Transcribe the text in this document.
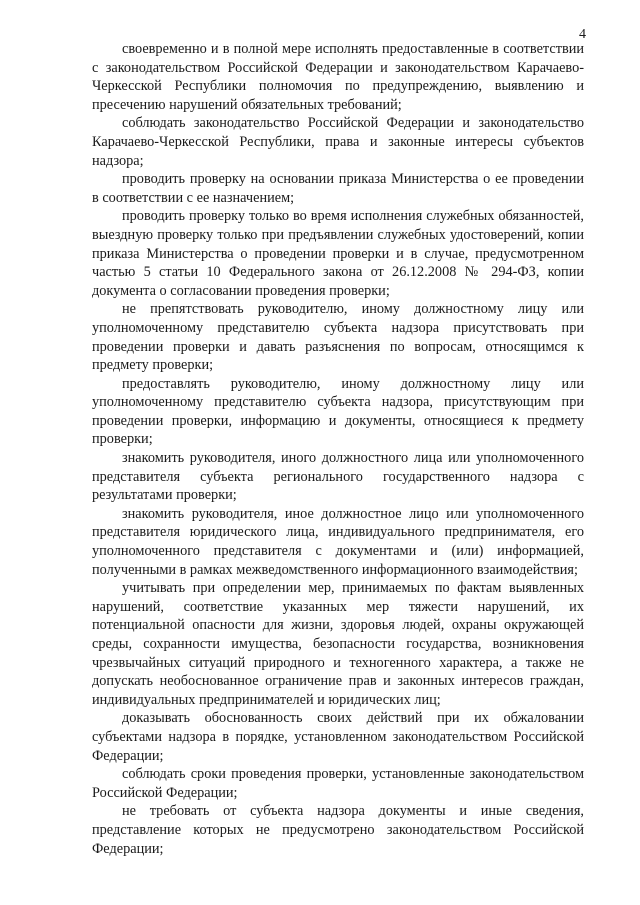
4

своевременно и в полной мере исполнять предоставленные в соответствии с законодательством Российской Федерации и законодательством Карачаево-Черкесской Республики полномочия по предупреждению, выявлению и пресечению нарушений обязательных требований;

соблюдать законодательство Российской Федерации и законодательство Карачаево-Черкесской Республики, права и законные интересы субъектов надзора;

проводить проверку на основании приказа Министерства о ее проведении в соответствии с ее назначением;

проводить проверку только во время исполнения служебных обязанностей, выездную проверку только при предъявлении служебных удостоверений, копии приказа Министерства о проведении проверки и в случае, предусмотренном частью 5 статьи 10 Федерального закона от 26.12.2008 № 294-ФЗ, копии документа о согласовании проведения проверки;

не препятствовать руководителю, иному должностному лицу или уполномоченному представителю субъекта надзора присутствовать при проведении проверки и давать разъяснения по вопросам, относящимся к предмету проверки;

предоставлять руководителю, иному должностному лицу или уполномоченному представителю субъекта надзора, присутствующим при проведении проверки, информацию и документы, относящиеся к предмету проверки;

знакомить руководителя, иного должностного лица или уполномоченного представителя субъекта регионального государственного надзора с результатами проверки;

знакомить руководителя, иное должностное лицо или уполномоченного представителя юридического лица, индивидуального предпринимателя, его уполномоченного представителя с документами и (или) информацией, полученными в рамках межведомственного информационного взаимодействия;

учитывать при определении мер, принимаемых по фактам выявленных нарушений, соответствие указанных мер тяжести нарушений, их потенциальной опасности для жизни, здоровья людей, охраны окружающей среды, сохранности имущества, безопасности государства, возникновения чрезвычайных ситуаций природного и техногенного характера, а также не допускать необоснованное ограничение прав и законных интересов граждан, индивидуальных предпринимателей и юридических лиц;

доказывать обоснованность своих действий при их обжаловании субъектами надзора в порядке, установленном законодательством Российской Федерации;

соблюдать сроки проведения проверки, установленные законодательством Российской Федерации;

не требовать от субъекта надзора документы и иные сведения, представление которых не предусмотрено законодательством Российской Федерации;
